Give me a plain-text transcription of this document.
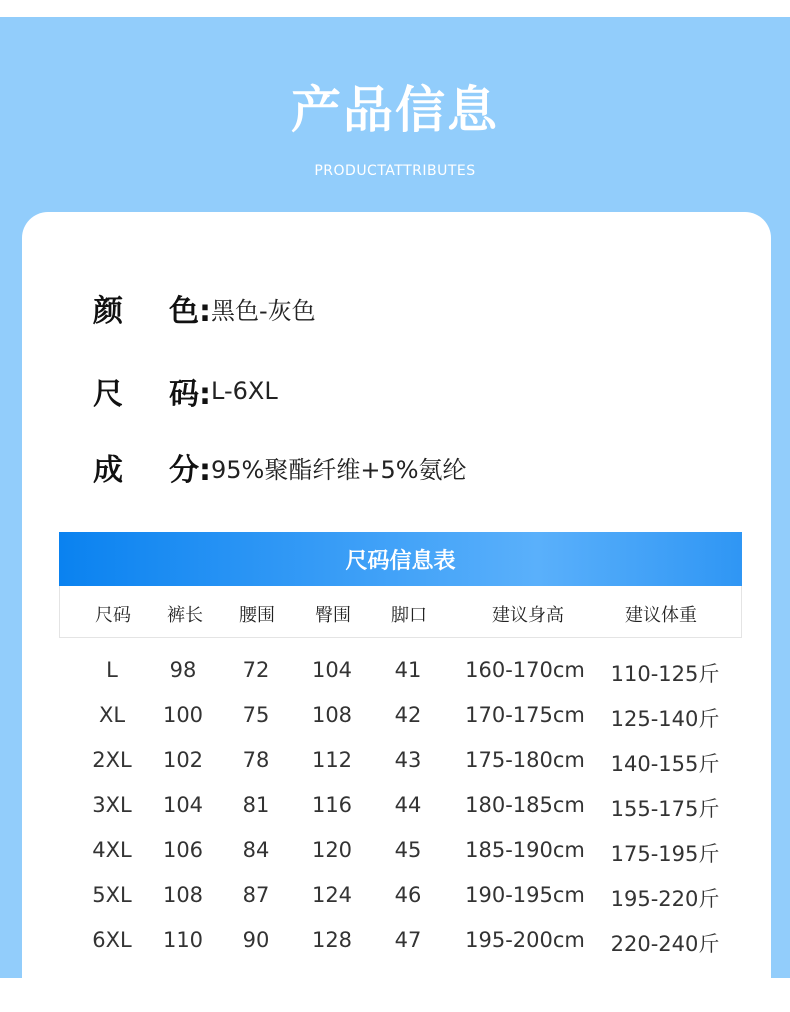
产品信息
PRODUCTATTRIBUTES
颜 色: 黑色-灰色
尺 码: L-6XL
成 分: 95%聚酯纤维+5%氨纶
尺码信息表
尺码 裤长 腰围 臀围 脚口	建议身高	建议体重
L 98 72 104 41 160-170cm 110-125斤
XL 100 75 108 42 170-175cm 125-140斤
2XL 102 78 112 43 175-180cm 140-155斤
3XL 104 81 116 44 180-185cm 155-175斤
4XL 106 84 120 45 185-190cm 175-195斤
5XL 108 87 124 46 190-195cm 195-220斤
6XL 110 90 128 47 195-200cm 220-240斤
